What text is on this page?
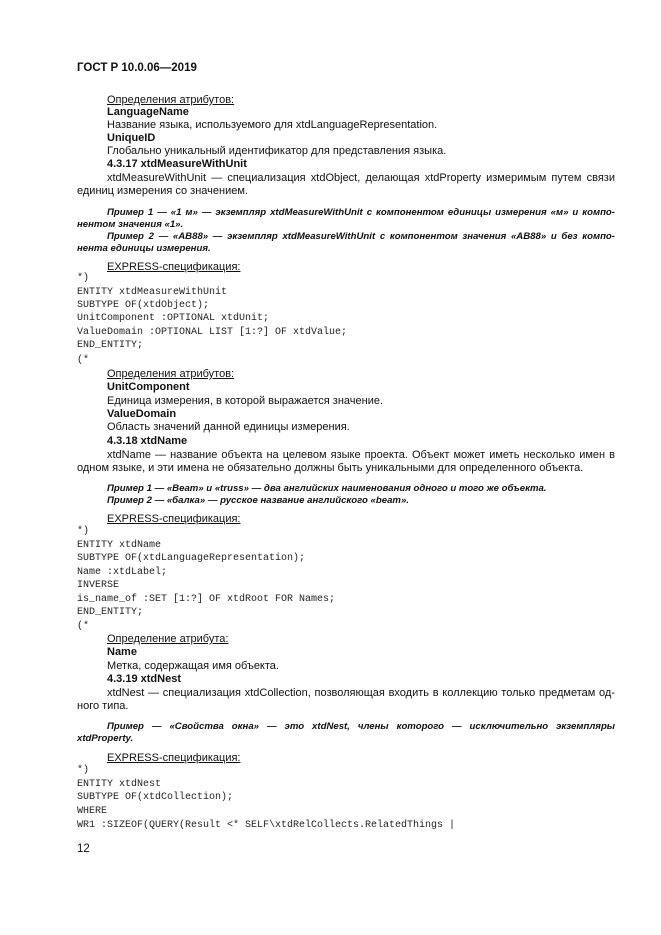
ГОСТ Р 10.0.06—2019
Определения атрибутов:
LanguageName
Название языка, используемого для xtdLanguageRepresentation.
UniqueID
Глобально уникальный идентификатор для представления языка.
4.3.17 xtdMeasureWithUnit
xtdMeasureWithUnit — специализация xtdObject, делающая xtdProperty измеримым путем связи
единиц измерения со значением.
Пример 1 — «1 м» — экземпляр xtdMeasureWithUnit с компонентом единицы измерения «м» и компо-
нентом значения «1».
Пример 2 — «AB88» — экземпляр xtdMeasureWithUnit с компонентом значения «AB88» и без компо-
нента единицы измерения.
EXPRESS-спецификация:
*)
ENTITY xtdMeasureWithUnit
SUBTYPE OF(xtdObject);
UnitComponent :OPTIONAL xtdUnit;
ValueDomain :OPTIONAL LIST [1:?] OF xtdValue;
END_ENTITY;
(*
Определения атрибутов:
UnitComponent
Единица измерения, в которой выражается значение.
ValueDomain
Область значений данной единицы измерения.
4.3.18 xtdName
xtdName — название объекта на целевом языке проекта. Объект может иметь несколько имен в
одном языке, и эти имена не обязательно должны быть уникальными для определенного объекта.
Пример 1 — «Beam» и «truss» — два английских наименования одного и того же объекта.
Пример 2 — «балка» — русское название английского «beam».
EXPRESS-спецификация:
*)
ENTITY xtdName
SUBTYPE OF(xtdLanguageRepresentation);
Name :xtdLabel;
INVERSE
is_name_of :SET [1:?] OF xtdRoot FOR Names;
END_ENTITY;
(*
Определение атрибута:
Name
Метка, содержащая имя объекта.
4.3.19 xtdNest
xtdNest — специализация xtdCollection, позволяющая входить в коллекцию только предметам од-
ного типа.
Пример — «Свойства окна» — это xtdNest, члены которого — исключительно экземпляры
xtdProperty.
EXPRESS-спецификация:
*)
ENTITY xtdNest
SUBTYPE OF(xtdCollection);
WHERE
WR1 :SIZEOF(QUERY(Result <* SELF\xtdRelCollects.RelatedThings |
12
